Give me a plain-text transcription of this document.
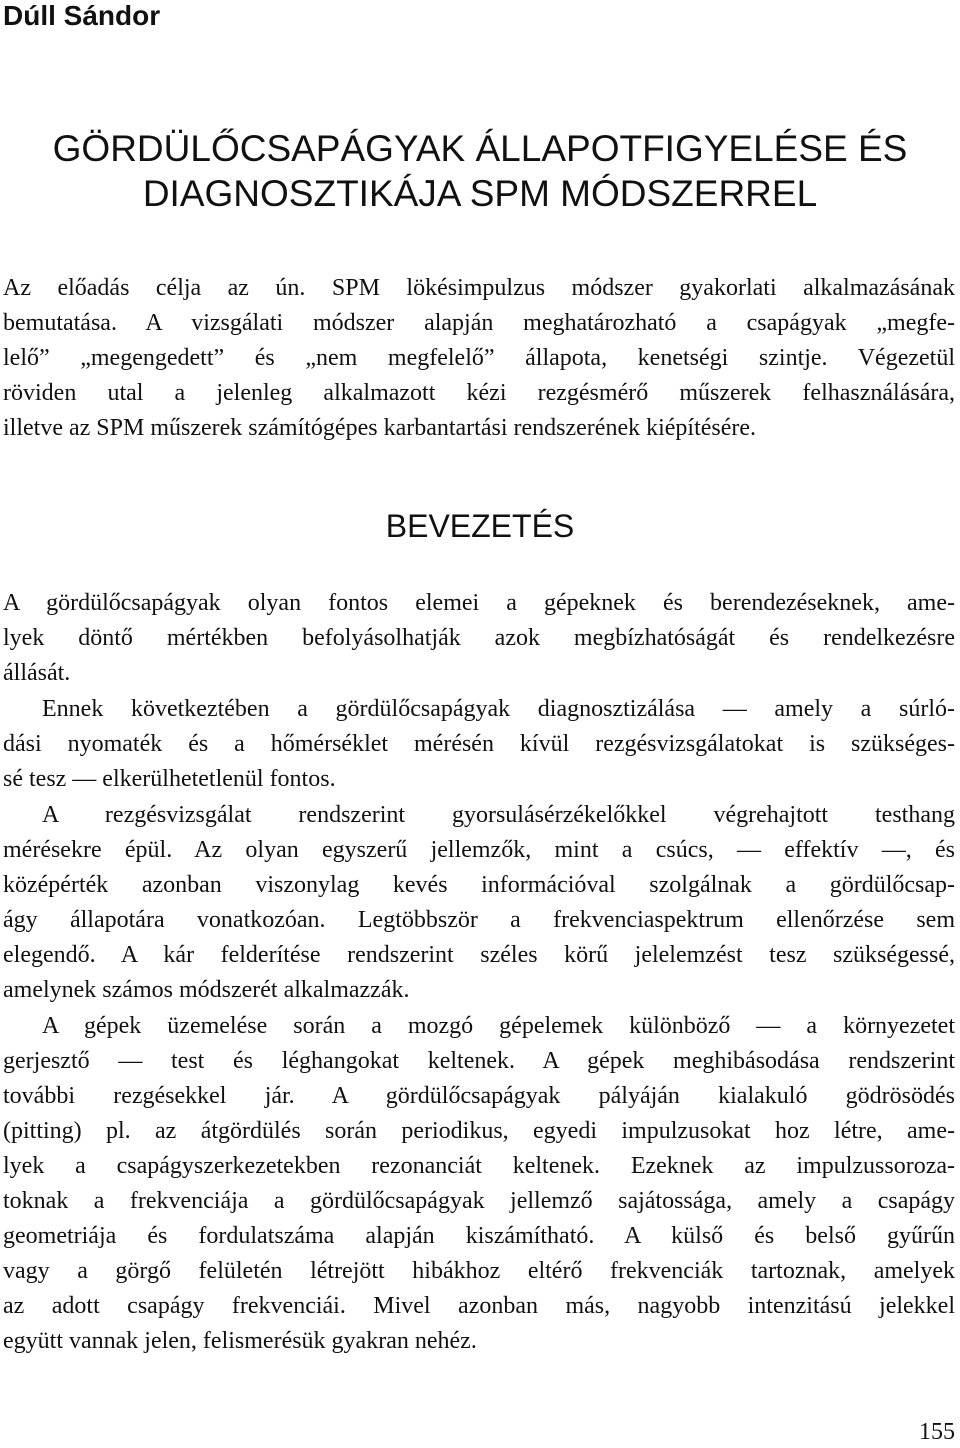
Dúll Sándor
GÖRDÜLŐCSAPÁGYAK ÁLLAPOTFIGYELÉSE ÉS
DIAGNOSZTIKÁJA SPM MÓDSZERREL
Az előadás célja az ún. SPM lökésimpulzus módszer gyakorlati alkalmazásának
bemutatása. A vizsgálati módszer alapján meghatározható a csapágyak „megfe-
lelő” „megengedett” és „nem megfelelő” állapota, kenetségi szintje. Végezetül
röviden utal a jelenleg alkalmazott kézi rezgésmérő műszerek felhasználására,
illetve az SPM műszerek számítógépes karbantartási rendszerének kiépítésére.
BEVEZETÉS
A gördülőcsapágyak olyan fontos elemei a gépeknek és berendezéseknek, ame-
lyek döntő mértékben befolyásolhatják azok megbízhatóságát és rendelkezésre
állását.
Ennek következtében a gördülőcsapágyak diagnosztizálása — amely a súrló-
dási nyomaték és a hőmérséklet mérésén kívül rezgésvizsgálatokat is szükséges-
sé tesz — elkerülhetetlenül fontos.
A rezgésvizsgálat rendszerint gyorsulásérzékelőkkel végrehajtott testhang
mérésekre épül. Az olyan egyszerű jellemzők, mint a csúcs, — effektív —, és
középérték azonban viszonylag kevés információval szolgálnak a gördülőcsap-
ágy állapotára vonatkozóan. Legtöbbször a frekvenciaspektrum ellenőrzése sem
elegendő. A kár felderítése rendszerint széles körű jelelemzést tesz szükségessé,
amelynek számos módszerét alkalmazzák.
A gépek üzemelése során a mozgó gépelemek különböző — a környezetet
gerjesztő — test és léghangokat keltenek. A gépek meghibásodása rendszerint
további rezgésekkel jár. A gördülőcsapágyak pályáján kialakuló gödrösödés
(pitting) pl. az átgördülés során periodikus, egyedi impulzusokat hoz létre, ame-
lyek a csapágyszerkezetekben rezonanciát keltenek. Ezeknek az impulzussoroza-
toknak a frekvenciája a gördülőcsapágyak jellemző sajátossága, amely a csapágy
geometriája és fordulatszáma alapján kiszámítható. A külső és belső gyűrűn
vagy a görgő felületén létrejött hibákhoz eltérő frekvenciák tartoznak, amelyek
az adott csapágy frekvenciái. Mivel azonban más, nagyobb intenzitású jelekkel
együtt vannak jelen, felismerésük gyakran nehéz.
155
